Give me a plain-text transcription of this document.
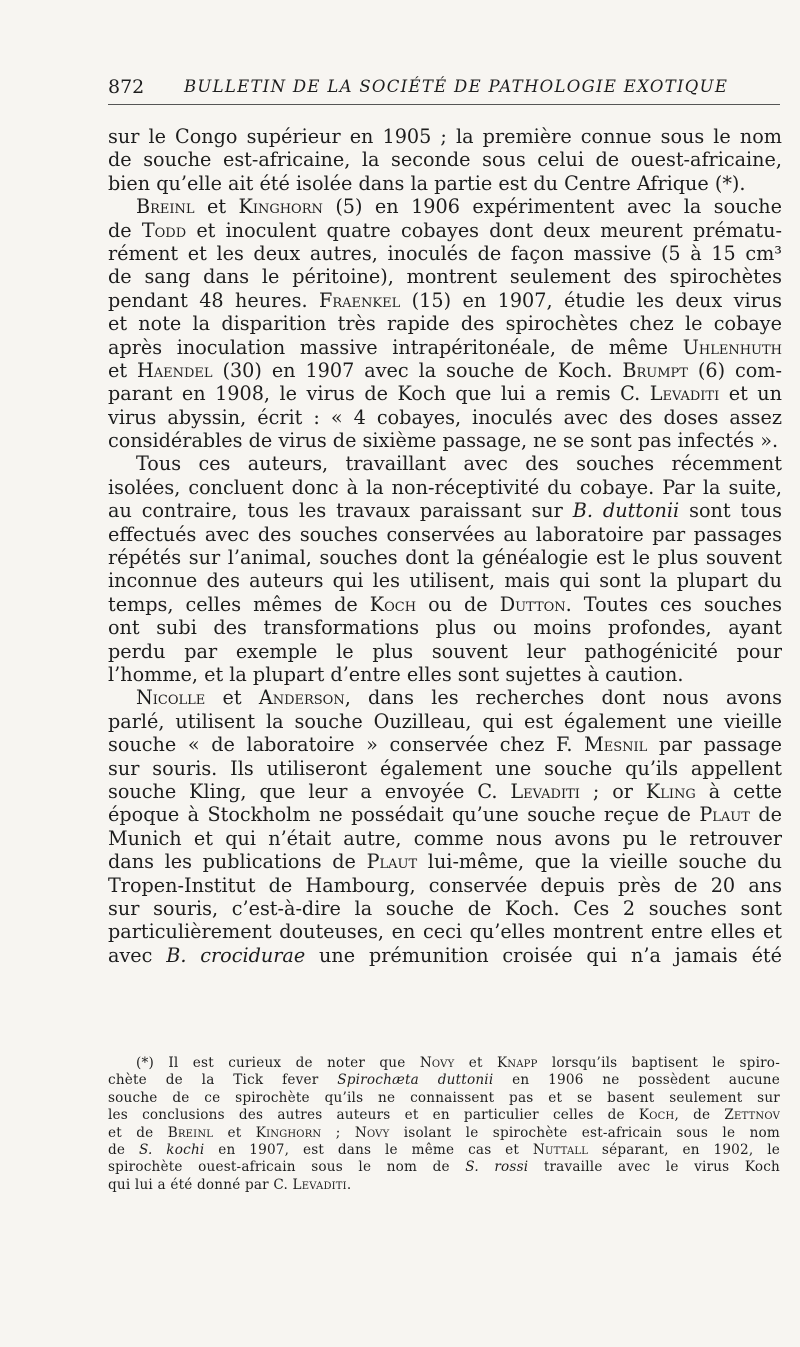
872 BULLETIN DE LA SOCIÉTÉ DE PATHOLOGIE EXOTIQUE
sur le Congo supérieur en 1905 ; la première connue sous le nom
de souche est-africaine, la seconde sous celui de ouest-africaine,
bien qu’elle ait été isolée dans la partie est du Centre Afrique (*).
Breinl et Kinghorn (5) en 1906 expérimentent avec la souche
de Todd et inoculent quatre cobayes dont deux meurent prématu-
rément et les deux autres, inoculés de façon massive (5 à 15 cm³
de sang dans le péritoine), montrent seulement des spirochètes
pendant 48 heures. Fraenkel (15) en 1907, étudie les deux virus
et note la disparition très rapide des spirochètes chez le cobaye
après inoculation massive intrapéritonéale, de même Uhlenhuth
et Haendel (30) en 1907 avec la souche de Koch. Brumpt (6) com-
parant en 1908, le virus de Koch que lui a remis C. Levaditi et un
virus abyssin, écrit : « 4 cobayes, inoculés avec des doses assez
considérables de virus de sixième passage, ne se sont pas infectés ».
Tous ces auteurs, travaillant avec des souches récemment
isolées, concluent donc à la non-réceptivité du cobaye. Par la suite,
au contraire, tous les travaux paraissant sur B. duttonii sont tous
effectués avec des souches conservées au laboratoire par passages
répétés sur l’animal, souches dont la généalogie est le plus souvent
inconnue des auteurs qui les utilisent, mais qui sont la plupart du
temps, celles mêmes de Koch ou de Dutton. Toutes ces souches
ont subi des transformations plus ou moins profondes, ayant
perdu par exemple le plus souvent leur pathogénicité pour
l’homme, et la plupart d’entre elles sont sujettes à caution.
Nicolle et Anderson, dans les recherches dont nous avons
parlé, utilisent la souche Ouzilleau, qui est également une vieille
souche « de laboratoire » conservée chez F. Mesnil par passage
sur souris. Ils utiliseront également une souche qu’ils appellent
souche Kling, que leur a envoyée C. Levaditi ; or Kling à cette
époque à Stockholm ne possédait qu’une souche reçue de Plaut de
Munich et qui n’était autre, comme nous avons pu le retrouver
dans les publications de Plaut lui-même, que la vieille souche du
Tropen-Institut de Hambourg, conservée depuis près de 20 ans
sur souris, c’est-à-dire la souche de Koch. Ces 2 souches sont
particulièrement douteuses, en ceci qu’elles montrent entre elles et
avec B. crocidurae une prémunition croisée qui n’a jamais été
(*) Il est curieux de noter que Novy et Knapp lorsqu’ils baptisent le spiro-
chète de la Tick fever Spirochæta duttonii en 1906 ne possèdent aucune
souche de ce spirochète qu’ils ne connaissent pas et se basent seulement sur
les conclusions des autres auteurs et en particulier celles de Koch, de Zettnov
et de Breinl et Kinghorn ; Novy isolant le spirochète est-africain sous le nom
de S. kochi en 1907, est dans le même cas et Nuttall séparant, en 1902, le
spirochète ouest-africain sous le nom de S. rossi travaille avec le virus Koch
qui lui a été donné par C. Levaditi.
